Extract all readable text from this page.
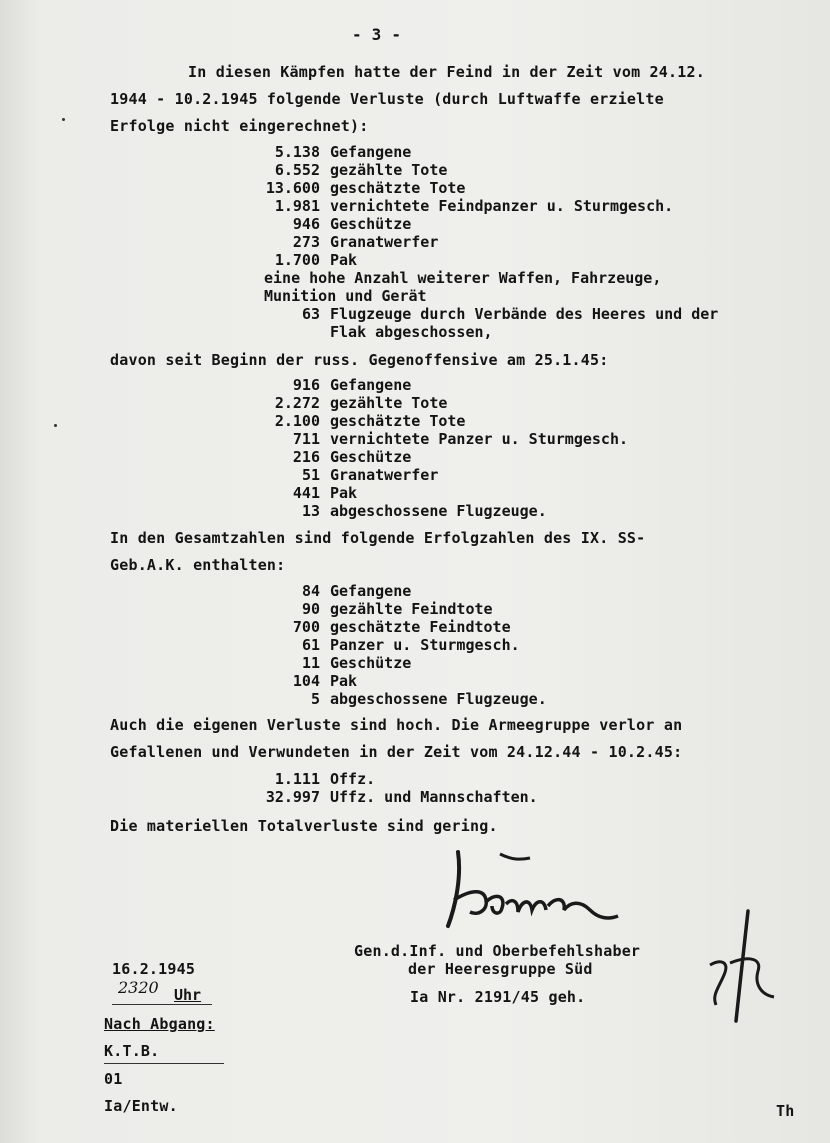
- 3 -
In diesen Kämpfen hatte der Feind in der Zeit vom 24.12.
1944 - 10.2.1945 folgende Verluste (durch Luftwaffe erzielte
Erfolge nicht eingerechnet):
5.138 Gefangene
6.552 gezählte Tote
13.600 geschätzte Tote
1.981 vernichtete Feindpanzer u. Sturmgesch.
946 Geschütze
273 Granatwerfer
1.700 Pak
eine hohe Anzahl weiterer Waffen, Fahrzeuge,
Munition und Gerät
63 Flugzeuge durch Verbände des Heeres und der
Flak abgeschossen,
davon seit Beginn der russ. Gegenoffensive am 25.1.45:
916 Gefangene
2.272 gezählte Tote
2.100 geschätzte Tote
711 vernichtete Panzer u. Sturmgesch.
216 Geschütze
51 Granatwerfer
441 Pak
13 abgeschossene Flugzeuge.
In den Gesamtzahlen sind folgende Erfolgzahlen des IX. SS-
Geb.A.K. enthalten:
84 Gefangene
90 gezählte Feindtote
700 geschätzte Feindtote
61 Panzer u. Sturmgesch.
11 Geschütze
104 Pak
5 abgeschossene Flugzeuge.
Auch die eigenen Verluste sind hoch. Die Armeegruppe verlor an
Gefallenen und Verwundeten in der Zeit vom 24.12.44 - 10.2.45:
1.111 Offz.
32.997 Uffz. und Mannschaften.
Die materiellen Totalverluste sind gering.
Gen.d.Inf. und Oberbefehlshaber
der Heeresgruppe Süd
Ia Nr. 2191/45 geh.
16.2.1945
2320 Uhr
Nach Abgang:
K.T.B.
01
Ia/Entw.	Th
